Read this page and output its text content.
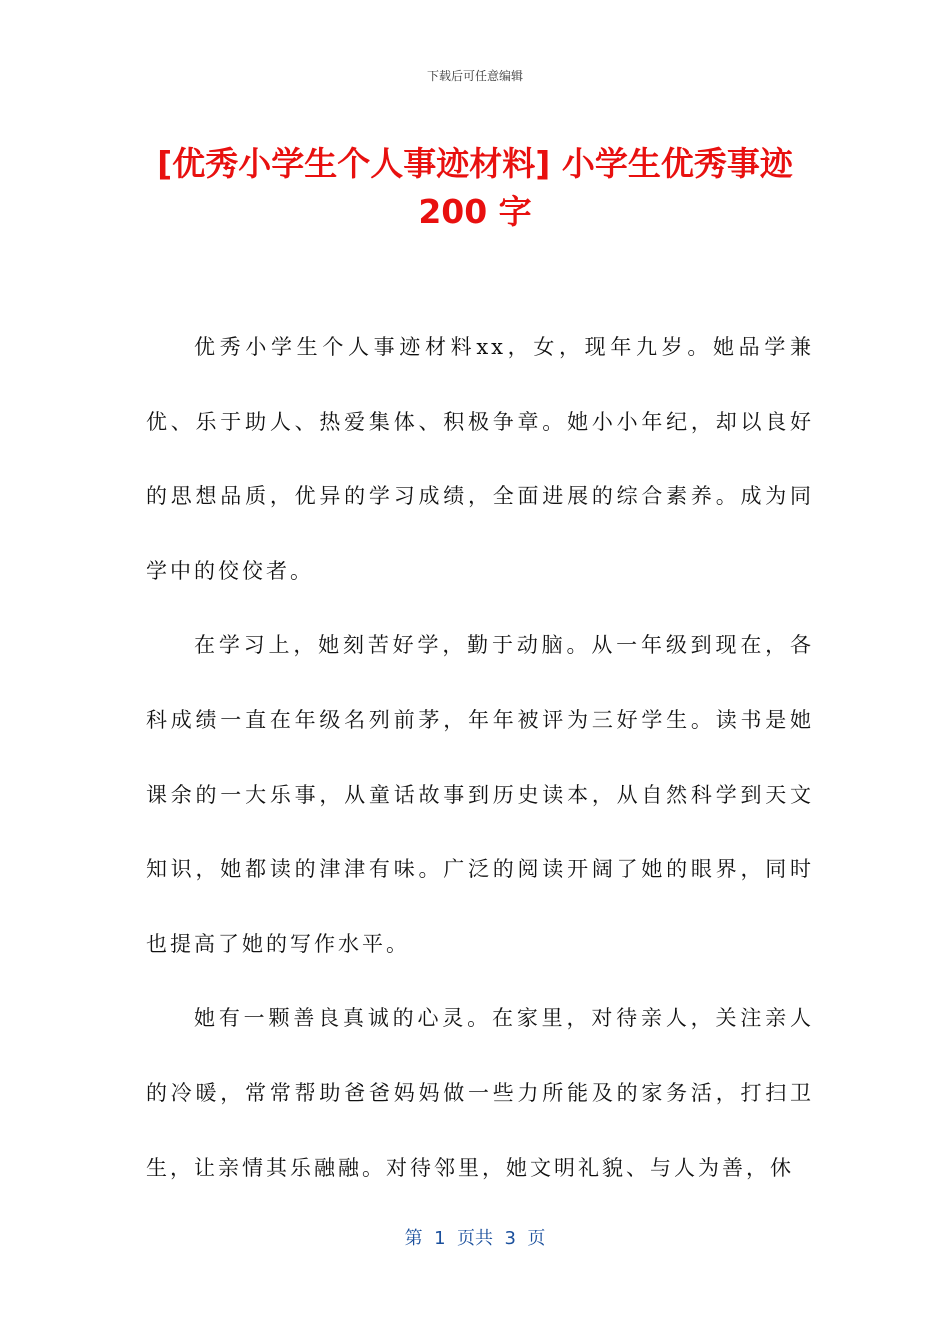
下载后可任意编辑
[优秀小学生个人事迹材料] 小学生优秀事迹
200 字

优秀小学生个人事迹材料xx，女，现年九岁。她品学兼优、乐于助人、热爱集体、积极争章。她小小年纪，却以良好的思想品质，优异的学习成绩，全面进展的综合素养。成为同学中的佼佼者。

在学习上，她刻苦好学，勤于动脑。从一年级到现在，各科成绩一直在年级名列前茅，年年被评为三好学生。读书是她课余的一大乐事，从童话故事到历史读本，从自然科学到天文知识，她都读的津津有味。广泛的阅读开阔了她的眼界，同时也提高了她的写作水平。

她有一颗善良真诚的心灵。在家里，对待亲人，关注亲人的冷暖，常常帮助爸爸妈妈做一些力所能及的家务活，打扫卫生，让亲情其乐融融。对待邻里，她文明礼貌、与人为善，休

第  1  页共  3  页
